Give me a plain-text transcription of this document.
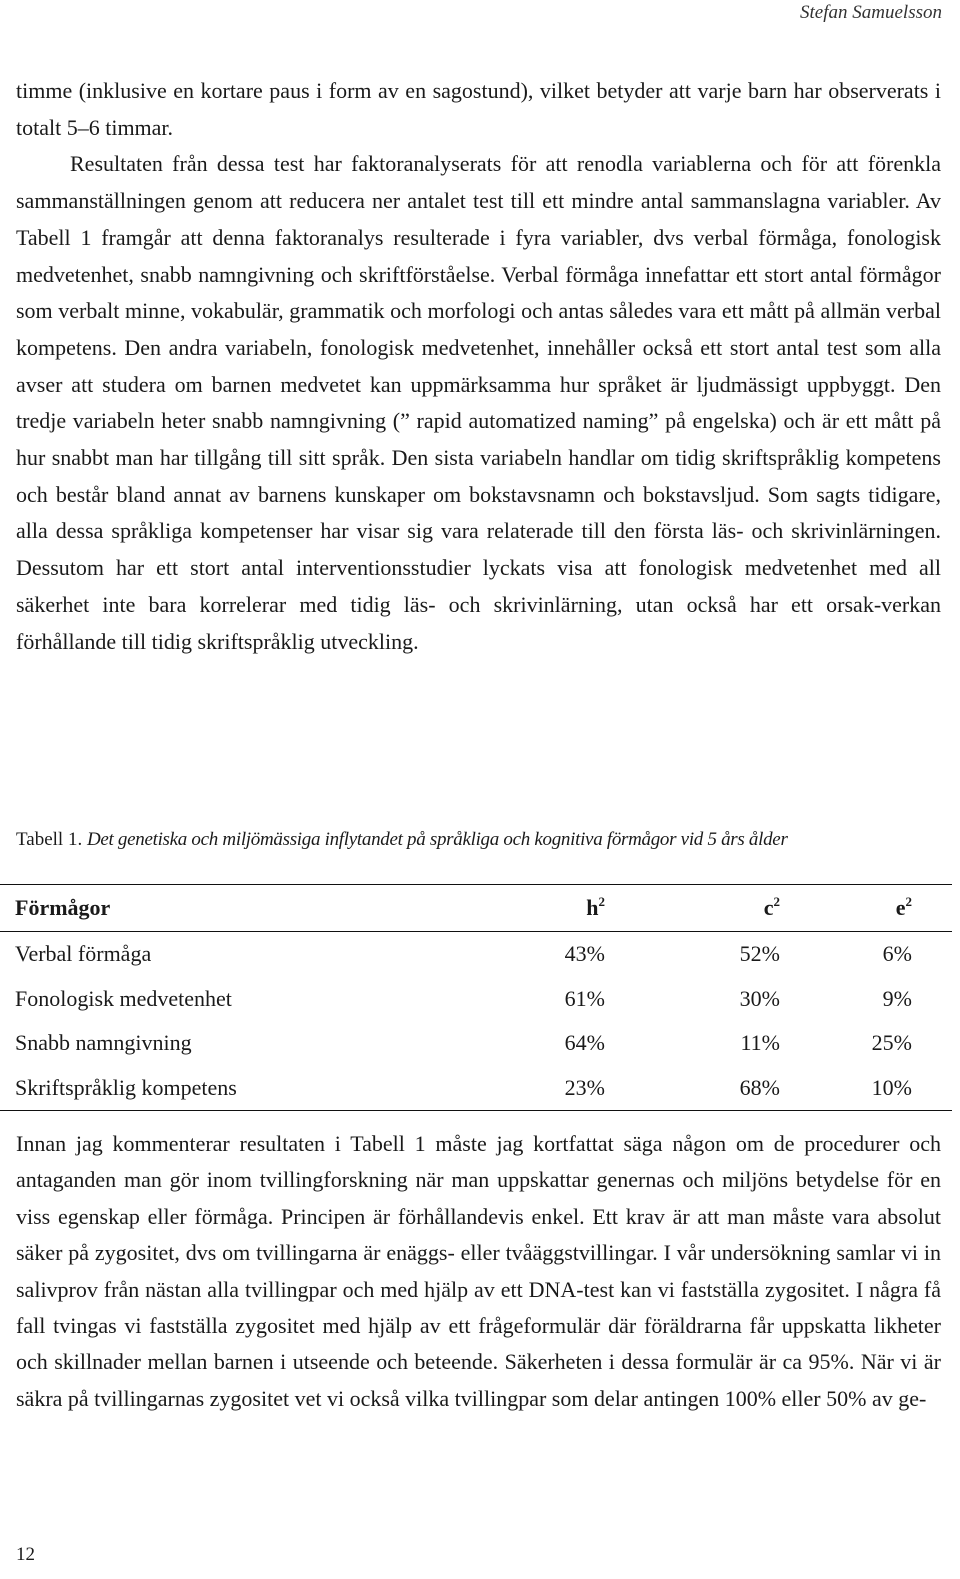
Stefan Samuelsson

timme (inklusive en kortare paus i form av en sagostund), vilket betyder att varje barn har observerats i totalt 5–6 timmar.

Resultaten från dessa test har faktoranalyserats för att renodla variablerna och för att förenkla sammanställningen genom att reducera ner antalet test till ett mindre antal sammanslagna variabler. Av Tabell 1 framgår att denna faktoranalys resulterade i fyra variabler, dvs verbal förmåga, fonologisk medvetenhet, snabb namngivning och skriftförståelse. Verbal förmåga innefattar ett stort antal förmågor som verbalt minne, vokabulär, grammatik och morfologi och antas således vara ett mått på allmän verbal kompetens. Den andra variabeln, fonologisk medvetenhet, innehåller också ett stort antal test som alla avser att studera om barnen medvetet kan uppmärksamma hur språket är ljudmässigt uppbyggt. Den tredje variabeln heter snabb namngivning (” rapid automatized naming” på engelska) och är ett mått på hur snabbt man har tillgång till sitt språk. Den sista variabeln handlar om tidig skriftspråklig kompetens och består bland annat av barnens kunskaper om bokstavsnamn och bokstavsljud. Som sagts tidigare, alla dessa språkliga kompetenser har visar sig vara relaterade till den första läs- och skrivinlärningen. Dessutom har ett stort antal interventionsstudier lyckats visa att fonologisk medvetenhet med all säkerhet inte bara korrelerar med tidig läs- och skrivinlärning, utan också har ett orsak-verkan förhållande till tidig skriftspråklig utveckling.

Tabell 1. Det genetiska och miljömässiga inflytandet på språkliga och kognitiva förmågor vid 5 års ålder
Förmågor	$h^2$	$c^2$	$e^2$
Verbal förmåga	43%	52%	6%
Fonologisk medvetenhet	61%	30%	9%
Snabb namngivning	64%	11%	25%
Skriftspråklig kompetens	23%	68%	10%

Innan jag kommenterar resultaten i Tabell 1 måste jag kortfattat säga någon om de procedurer och antaganden man gör inom tvillingforskning när man uppskattar genernas och miljöns betydelse för en viss egenskap eller förmåga. Principen är förhållandevis enkel. Ett krav är att man måste vara absolut säker på zygositet, dvs om tvillingarna är enäggs- eller tvåäggstvillingar. I vår undersökning samlar vi in salivprov från nästan alla tvillingpar och med hjälp av ett DNA-test kan vi fastställa zygositet. I några få fall tvingas vi fastställa zygositet med hjälp av ett frågeformulär där föräldrarna får uppskatta likheter och skillnader mellan barnen i utseende och beteende. Säkerheten i dessa formulär är ca 95%. När vi är säkra på tvillingarnas zygositet vet vi också vilka tvillingpar som delar antingen 100% eller 50% av ge-

12
